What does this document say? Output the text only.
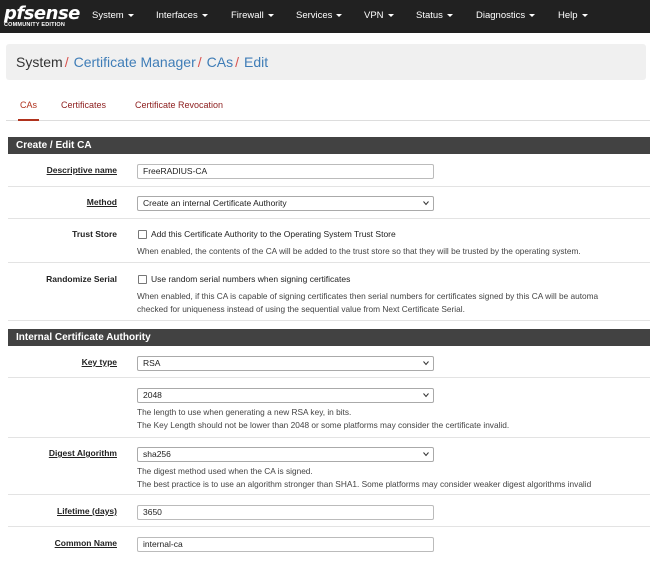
pfsense
COMMUNITY EDITION
System	Interfaces	Firewall	Services	VPN	Status	Diagnostics	Help
System / Certificate Manager / CAs / Edit
CAs	Certificates	Certificate Revocation
Create / Edit CA
Descriptive name	FreeRADIUS-CA
Method	Create an internal Certificate Authority
Trust Store	Add this Certificate Authority to the Operating System Trust Store
When enabled, the contents of the CA will be added to the trust store so that they will be trusted by the operating system.
Randomize Serial	Use random serial numbers when signing certificates
When enabled, if this CA is capable of signing certificates then serial numbers for certificates signed by this CA will be automa
checked for uniqueness instead of using the sequential value from Next Certificate Serial.
Internal Certificate Authority
Key type	RSA
2048
The length to use when generating a new RSA key, in bits.
The Key Length should not be lower than 2048 or some platforms may consider the certificate invalid.
Digest Algorithm	sha256
The digest method used when the CA is signed.
The best practice is to use an algorithm stronger than SHA1. Some platforms may consider weaker digest algorithms invalid
Lifetime (days)	3650
Common Name	internal-ca
